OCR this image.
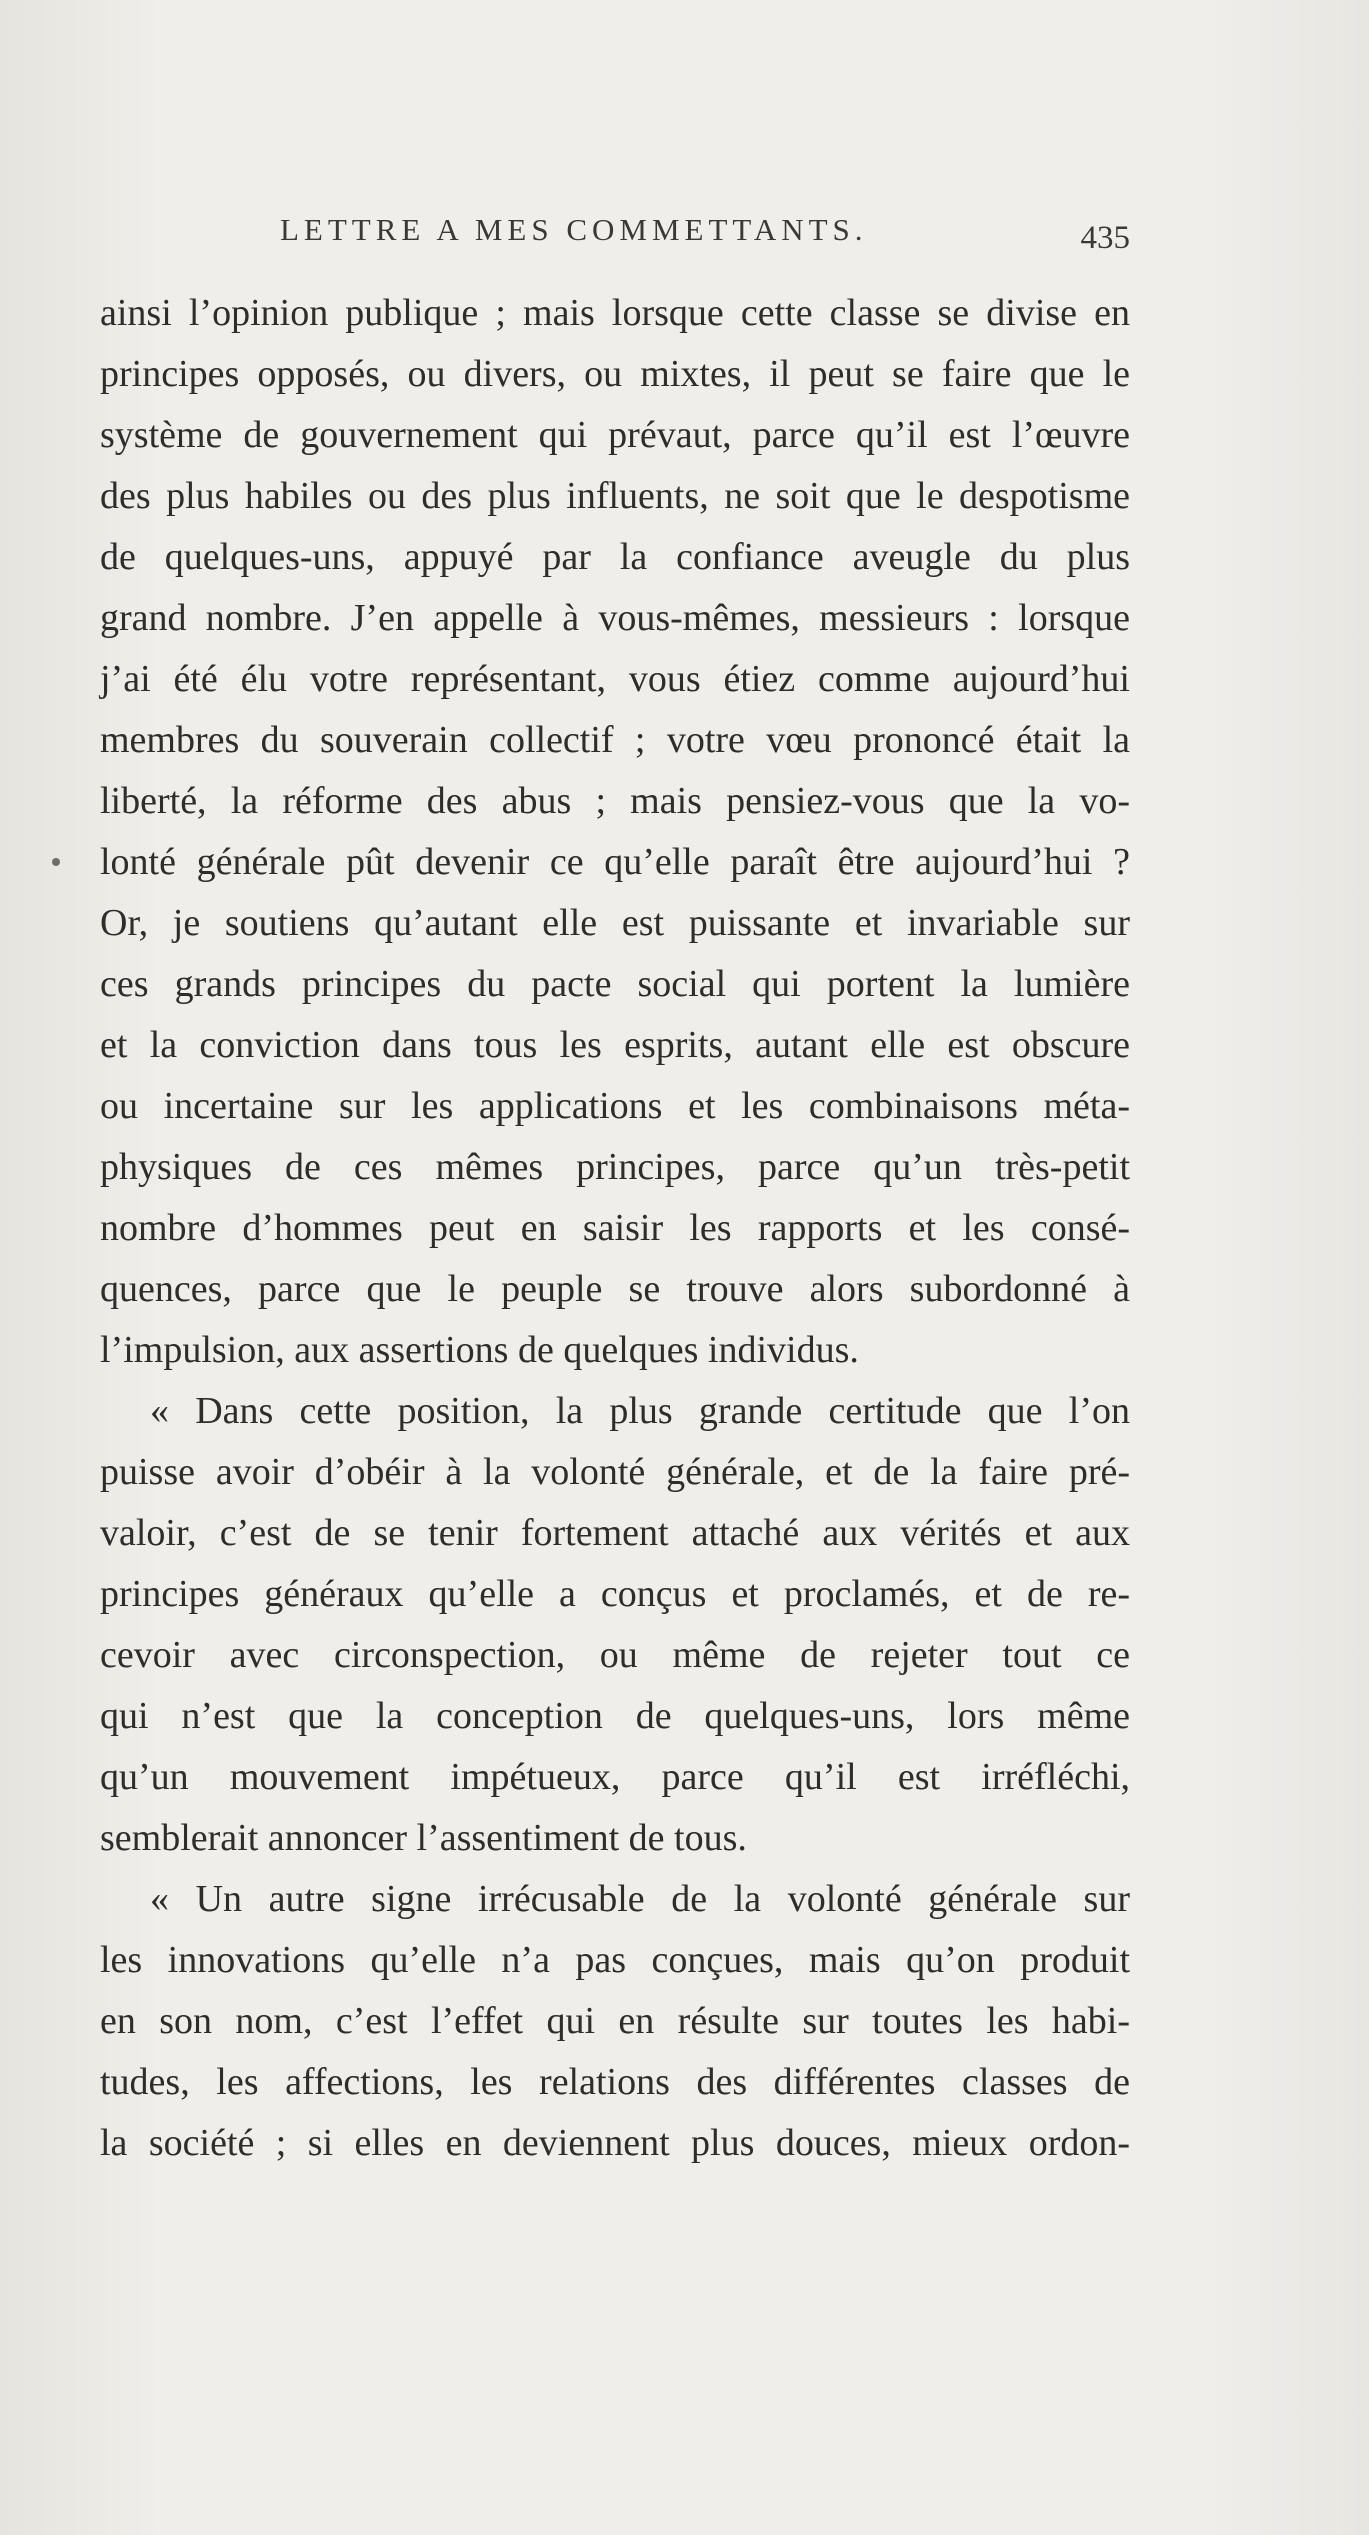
LETTRE A MES COMMETTANTS.	435
ainsi l’opinion publique ; mais lorsque cette classe se divise en
principes opposés, ou divers, ou mixtes, il peut se faire que le
système de gouvernement qui prévaut, parce qu’il est l’œuvre
des plus habiles ou des plus influents, ne soit que le despotisme
de quelques-uns, appuyé par la confiance aveugle du plus
grand nombre. J’en appelle à vous-mêmes, messieurs : lorsque
j’ai été élu votre représentant, vous étiez comme aujourd’hui
membres du souverain collectif ; votre vœu prononcé était la
liberté, la réforme des abus ; mais pensiez-vous que la vo-
lonté générale pût devenir ce qu’elle paraît être aujourd’hui ?
Or, je soutiens qu’autant elle est puissante et invariable sur
ces grands principes du pacte social qui portent la lumière
et la conviction dans tous les esprits, autant elle est obscure
ou incertaine sur les applications et les combinaisons méta-
physiques de ces mêmes principes, parce qu’un très-petit
nombre d’hommes peut en saisir les rapports et les consé-
quences, parce que le peuple se trouve alors subordonné à
l’impulsion, aux assertions de quelques individus.
« Dans cette position, la plus grande certitude que l’on
puisse avoir d’obéir à la volonté générale, et de la faire pré-
valoir, c’est de se tenir fortement attaché aux vérités et aux
principes généraux qu’elle a conçus et proclamés, et de re-
cevoir avec circonspection, ou même de rejeter tout ce
qui n’est que la conception de quelques-uns, lors même
qu’un mouvement impétueux, parce qu’il est irréfléchi,
semblerait annoncer l’assentiment de tous.
« Un autre signe irrécusable de la volonté générale sur
les innovations qu’elle n’a pas conçues, mais qu’on produit
en son nom, c’est l’effet qui en résulte sur toutes les habi-
tudes, les affections, les relations des différentes classes de
la société ; si elles en deviennent plus douces, mieux ordon-
